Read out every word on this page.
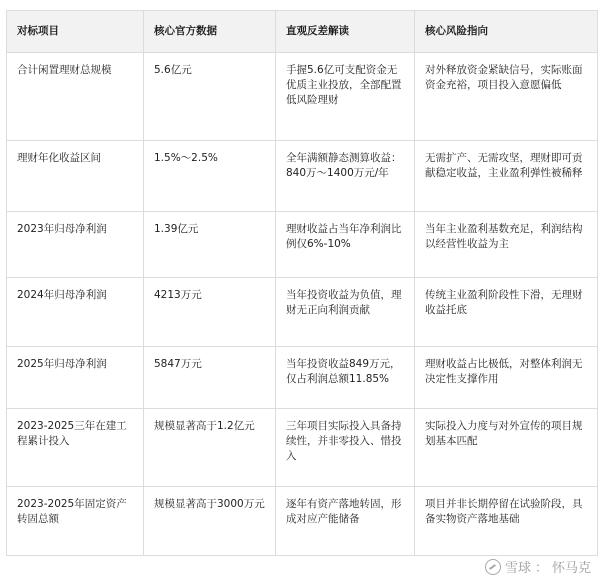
对标项目	核心官方数据	直观反差解读	核心风险指向
合计闲置理财总规模	5.6亿元	手握5.6亿可支配资金无优质主业投放，全部配置低风险理财	对外释放资金紧缺信号，实际账面资金充裕，项目投入意愿偏低
理财年化收益区间	1.5%～2.5%	全年满额静态测算收益：840万～1400万元/年	无需扩产、无需攻坚，理财即可贡献稳定收益，主业盈利弹性被稀释
2023年归母净利润	1.39亿元	理财收益占当年净利润比例仅6%-10%	当年主业盈利基数充足，利润结构以经营性收益为主
2024年归母净利润	4213万元	当年投资收益为负值，理财无正向利润贡献	传统主业盈利阶段性下滑，无理财收益托底
2025年归母净利润	5847万元	当年投资收益849万元，仅占利润总额11.85%	理财收益占比极低，对整体利润无决定性支撑作用
2023-2025三年在建工程累计投入	规模显著高于1.2亿元	三年项目实际投入具备持续性，并非零投入、惜投入	实际投入力度与对外宣传的项目规划基本匹配
2023-2025年固定资产转固总额	规模显著高于3000万元	逐年有资产落地转固，形成对应产能储备	项目并非长期停留在试验阶段，具备实物资产落地基础
雪球 ： 怀马克
